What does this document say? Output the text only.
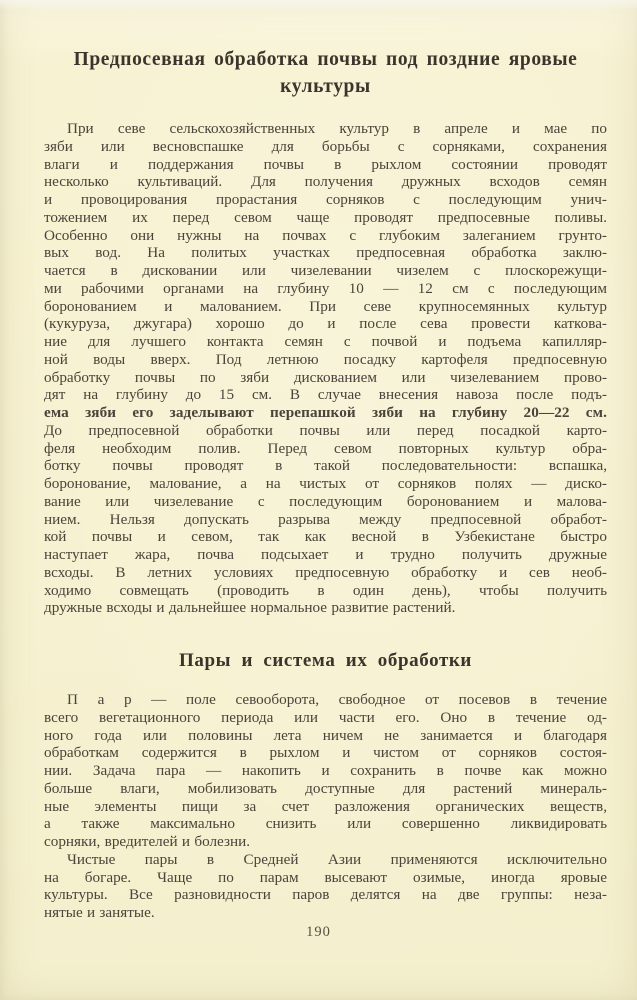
Предпосевная обработка почвы под поздние яровые
культуры

При севе сельскохозяйственных культур в апреле и мае по
зяби или весновспашке для борьбы с сорняками, сохранения
влаги и поддержания почвы в рыхлом состоянии проводят
несколько культиваций. Для получения дружных всходов семян
и провоцирования прорастания сорняков с последующим унич-
тожением их перед севом чаще проводят предпосевные поливы.
Особенно они нужны на почвах с глубоким залеганием грунто-
вых вод. На политых участках предпосевная обработка заклю-
чается в дисковании или чизелевании чизелем с плоскорежущи-
ми рабочими органами на глубину 10 — 12 см с последующим
боронованием и малованием. При севе крупносемянных культур
(кукуруза, джугара) хорошо до и после сева провести каткова-
ние для лучшего контакта семян с почвой и подъема капилляр-
ной воды вверх. Под летнюю посадку картофеля предпосевную
обработку почвы по зяби дискованием или чизелеванием прово-
дят на глубину до 15 см. В случае внесения навоза после подъ-
ема зяби его заделывают перепашкой зяби на глубину 20—22 см.
До предпосевной обработки почвы или перед посадкой карто-
феля необходим полив. Перед севом повторных культур обра-
ботку почвы проводят в такой последовательности: вспашка,
боронование, малование, а на чистых от сорняков полях — диско-
вание или чизелевание с последующим боронованием и малова-
нием. Нельзя допускать разрыва между предпосевной обработ-
кой почвы и севом, так как весной в Узбекистане быстро
наступает жара, почва подсыхает и трудно получить дружные
всходы. В летних условиях предпосевную обработку и сев необ-
ходимо совмещать (проводить в один день), чтобы получить
дружные всходы и дальнейшее нормальное развитие растений.

Пары и система их обработки

П а р — поле севооборота, свободное от посевов в течение
всего вегетационного периода или части его. Оно в течение од-
ного года или половины лета ничем не занимается и благодаря
обработкам содержится в рыхлом и чистом от сорняков состоя-
нии. Задача пара — накопить и сохранить в почве как можно
больше влаги, мобилизовать доступные для растений минераль-
ные элементы пищи за счет разложения органических веществ,
а также максимально снизить или совершенно ликвидировать
сорняки, вредителей и болезни.

Чистые пары в Средней Азии применяются исключительно
на богаре. Чаще по парам высевают озимые, иногда яровые
культуры. Все разновидности паров делятся на две группы: неза-
нятые и занятые.

190
